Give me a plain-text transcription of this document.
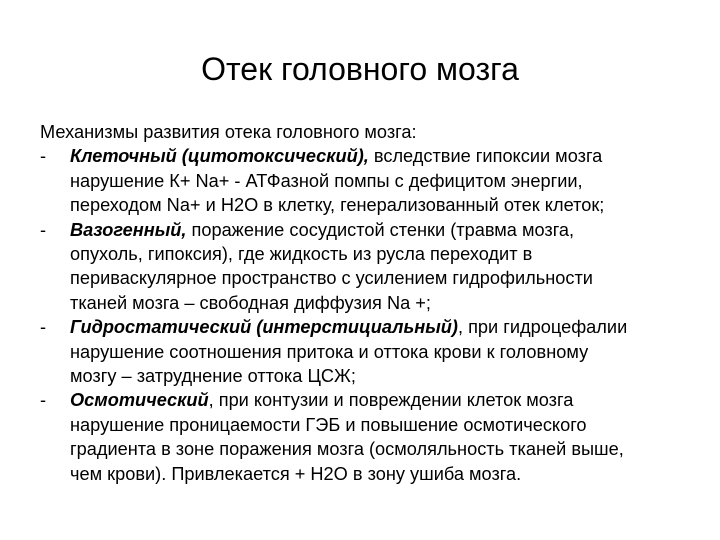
Отек головного мозга

Механизмы развития отека головного мозга:

- Клеточный (цитотоксический), вследствие гипоксии мозга
нарушение К+ Na+ - АТФазной помпы с дефицитом энергии,
переходом Na+ и Н2О в клетку, генерализованный отек клеток;
- Вазогенный, поражение сосудистой стенки (травма мозга,
опухоль, гипоксия), где жидкость из русла переходит в
периваскулярное пространство с усилением гидрофильности
тканей мозга – свободная диффузия Na +;
- Гидростатический (интерстициальный), при гидроцефалии
нарушение соотношения притока и оттока крови к головному
мозгу – затруднение оттока ЦСЖ;
- Осмотический, при контузии и повреждении клеток мозга
нарушение проницаемости ГЭБ и повышение осмотического
градиента в зоне поражения мозга (осмоляльность тканей выше,
чем крови). Привлекается + Н2О в зону ушиба мозга.
